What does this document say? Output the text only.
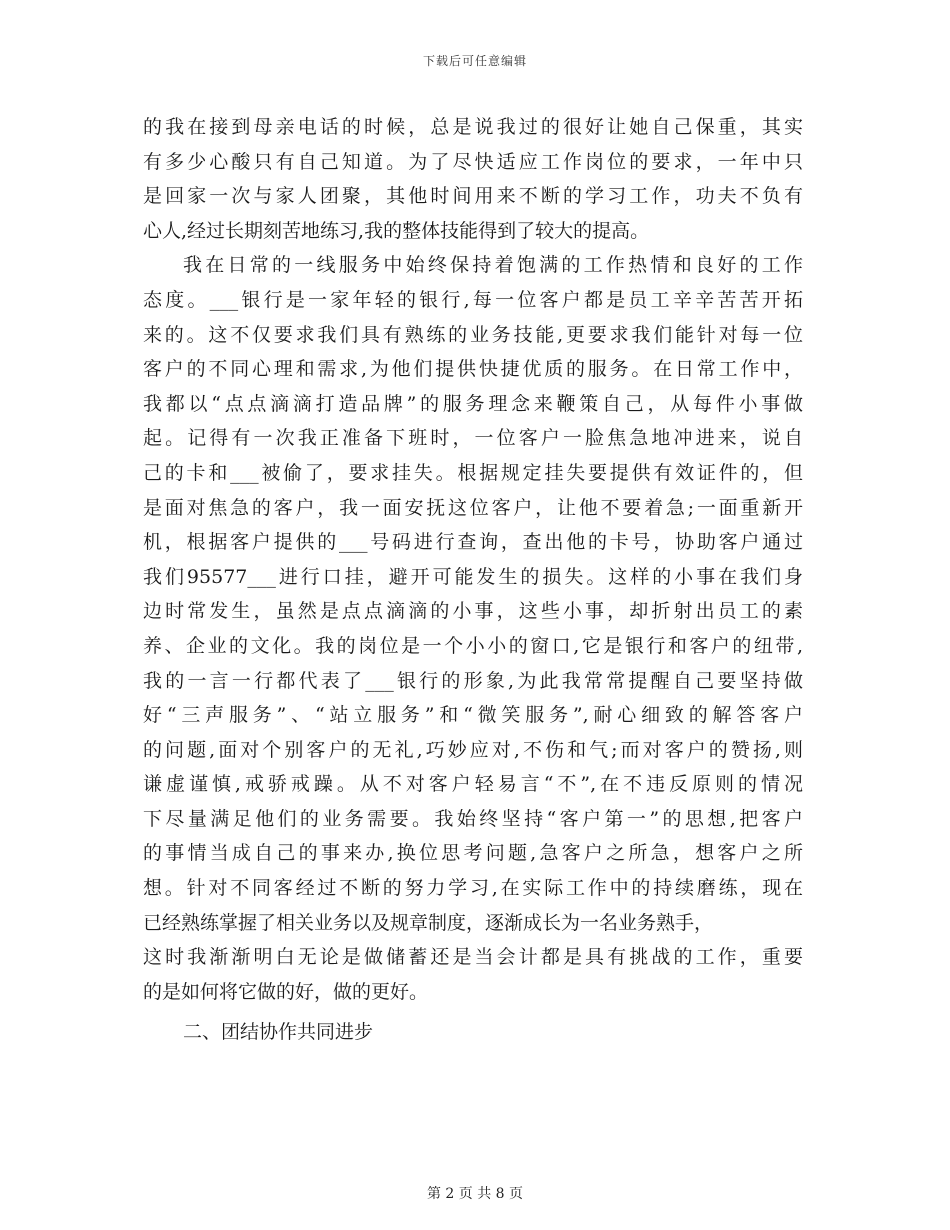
下载后可任意编辑
的我在接到母亲电话的时候，总是说我过的很好让她自己保重，其实
有多少心酸只有自己知道。为了尽快适应工作岗位的要求，一年中只
是回家一次与家人团聚，其他时间用来不断的学习工作，功夫不负有
心人,经过长期刻苦地练习,我的整体技能得到了较大的提高。
我在日常的一线服务中始终保持着饱满的工作热情和良好的工作
态度。___银行是一家年轻的银行,每一位客户都是员工辛辛苦苦开拓
来的。这不仅要求我们具有熟练的业务技能,更要求我们能针对每一位
客户的不同心理和需求,为他们提供快捷优质的服务。在日常工作中，
我都以“点点滴滴打造品牌”的服务理念来鞭策自己，从每件小事做
起。记得有一次我正准备下班时，一位客户一脸焦急地冲进来，说自
己的卡和___被偷了，要求挂失。根据规定挂失要提供有效证件的，但
是面对焦急的客户，我一面安抚这位客户，让他不要着急;一面重新开
机，根据客户提供的___号码进行查询，查出他的卡号，协助客户通过
我们95577___进行口挂，避开可能发生的损失。这样的小事在我们身
边时常发生，虽然是点点滴滴的小事，这些小事，却折射出员工的素
养、企业的文化。我的岗位是一个小小的窗口,它是银行和客户的纽带,
我的一言一行都代表了___银行的形象,为此我常常提醒自己要坚持做
好“三声服务”、“站立服务”和“微笑服务”,耐心细致的解答客户
的问题,面对个别客户的无礼,巧妙应对,不伤和气;而对客户的赞扬,则
谦虚谨慎,戒骄戒躁。从不对客户轻易言“不”,在不违反原则的情况
下尽量满足他们的业务需要。我始终坚持“客户第一”的思想,把客户
的事情当成自己的事来办,换位思考问题,急客户之所急，想客户之所
想。针对不同客经过不断的努力学习,在实际工作中的持续磨练，现在
已经熟练掌握了相关业务以及规章制度，逐渐成长为一名业务熟手，
这时我渐渐明白无论是做储蓄还是当会计都是具有挑战的工作，重要
的是如何将它做的好，做的更好。
二、团结协作共同进步
第 2 页 共 8 页
